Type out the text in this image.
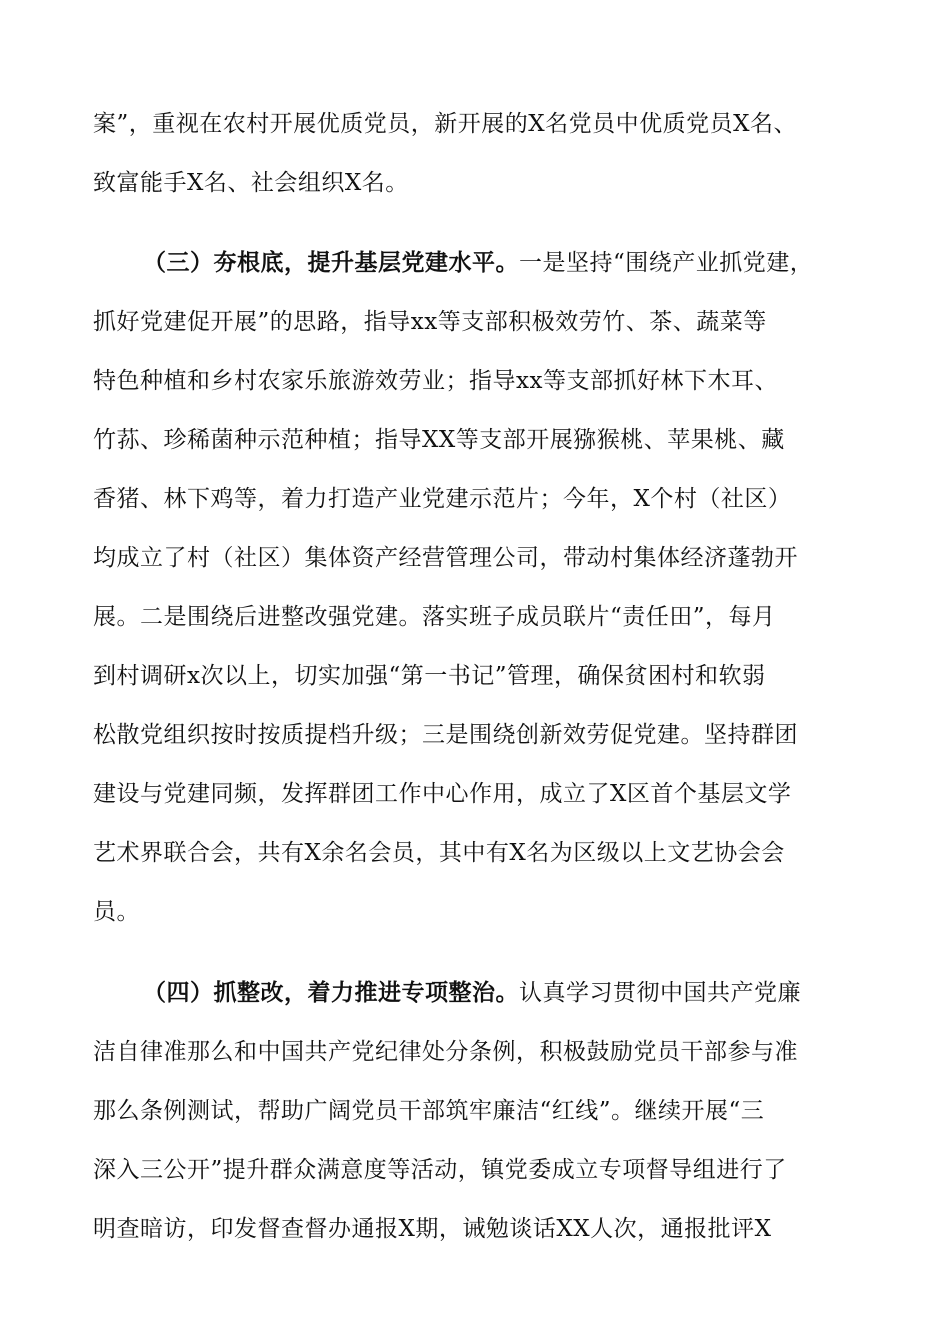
案”，重视在农村开展优质党员，新开展的X名党员中优质党员X名、
致富能手X名、社会组织X名。
（三）夯根底，提升基层党建水平。一是坚持“围绕产业抓党建，
抓好党建促开展”的思路，指导xx等支部积极效劳竹、茶、蔬菜等
特色种植和乡村农家乐旅游效劳业；指导xx等支部抓好林下木耳、
竹荪、珍稀菌种示范种植；指导XX等支部开展猕猴桃、苹果桃、藏
香猪、林下鸡等，着力打造产业党建示范片；今年，X个村（社区）
均成立了村（社区）集体资产经营管理公司，带动村集体经济蓬勃开
展。二是围绕后进整改强党建。落实班子成员联片“责任田”，每月
到村调研x次以上，切实加强“第一书记”管理，确保贫困村和软弱
松散党组织按时按质提档升级；三是围绕创新效劳促党建。坚持群团
建设与党建同频，发挥群团工作中心作用，成立了X区首个基层文学
艺术界联合会，共有X余名会员，其中有X名为区级以上文艺协会会
员。
（四）抓整改，着力推进专项整治。认真学习贯彻中国共产党廉
洁自律准那么和中国共产党纪律处分条例，积极鼓励党员干部参与准
那么条例测试，帮助广阔党员干部筑牢廉洁“红线”。继续开展“三
深入三公开”提升群众满意度等活动，镇党委成立专项督导组进行了
明查暗访，印发督查督办通报X期，诫勉谈话XX人次，通报批评X
